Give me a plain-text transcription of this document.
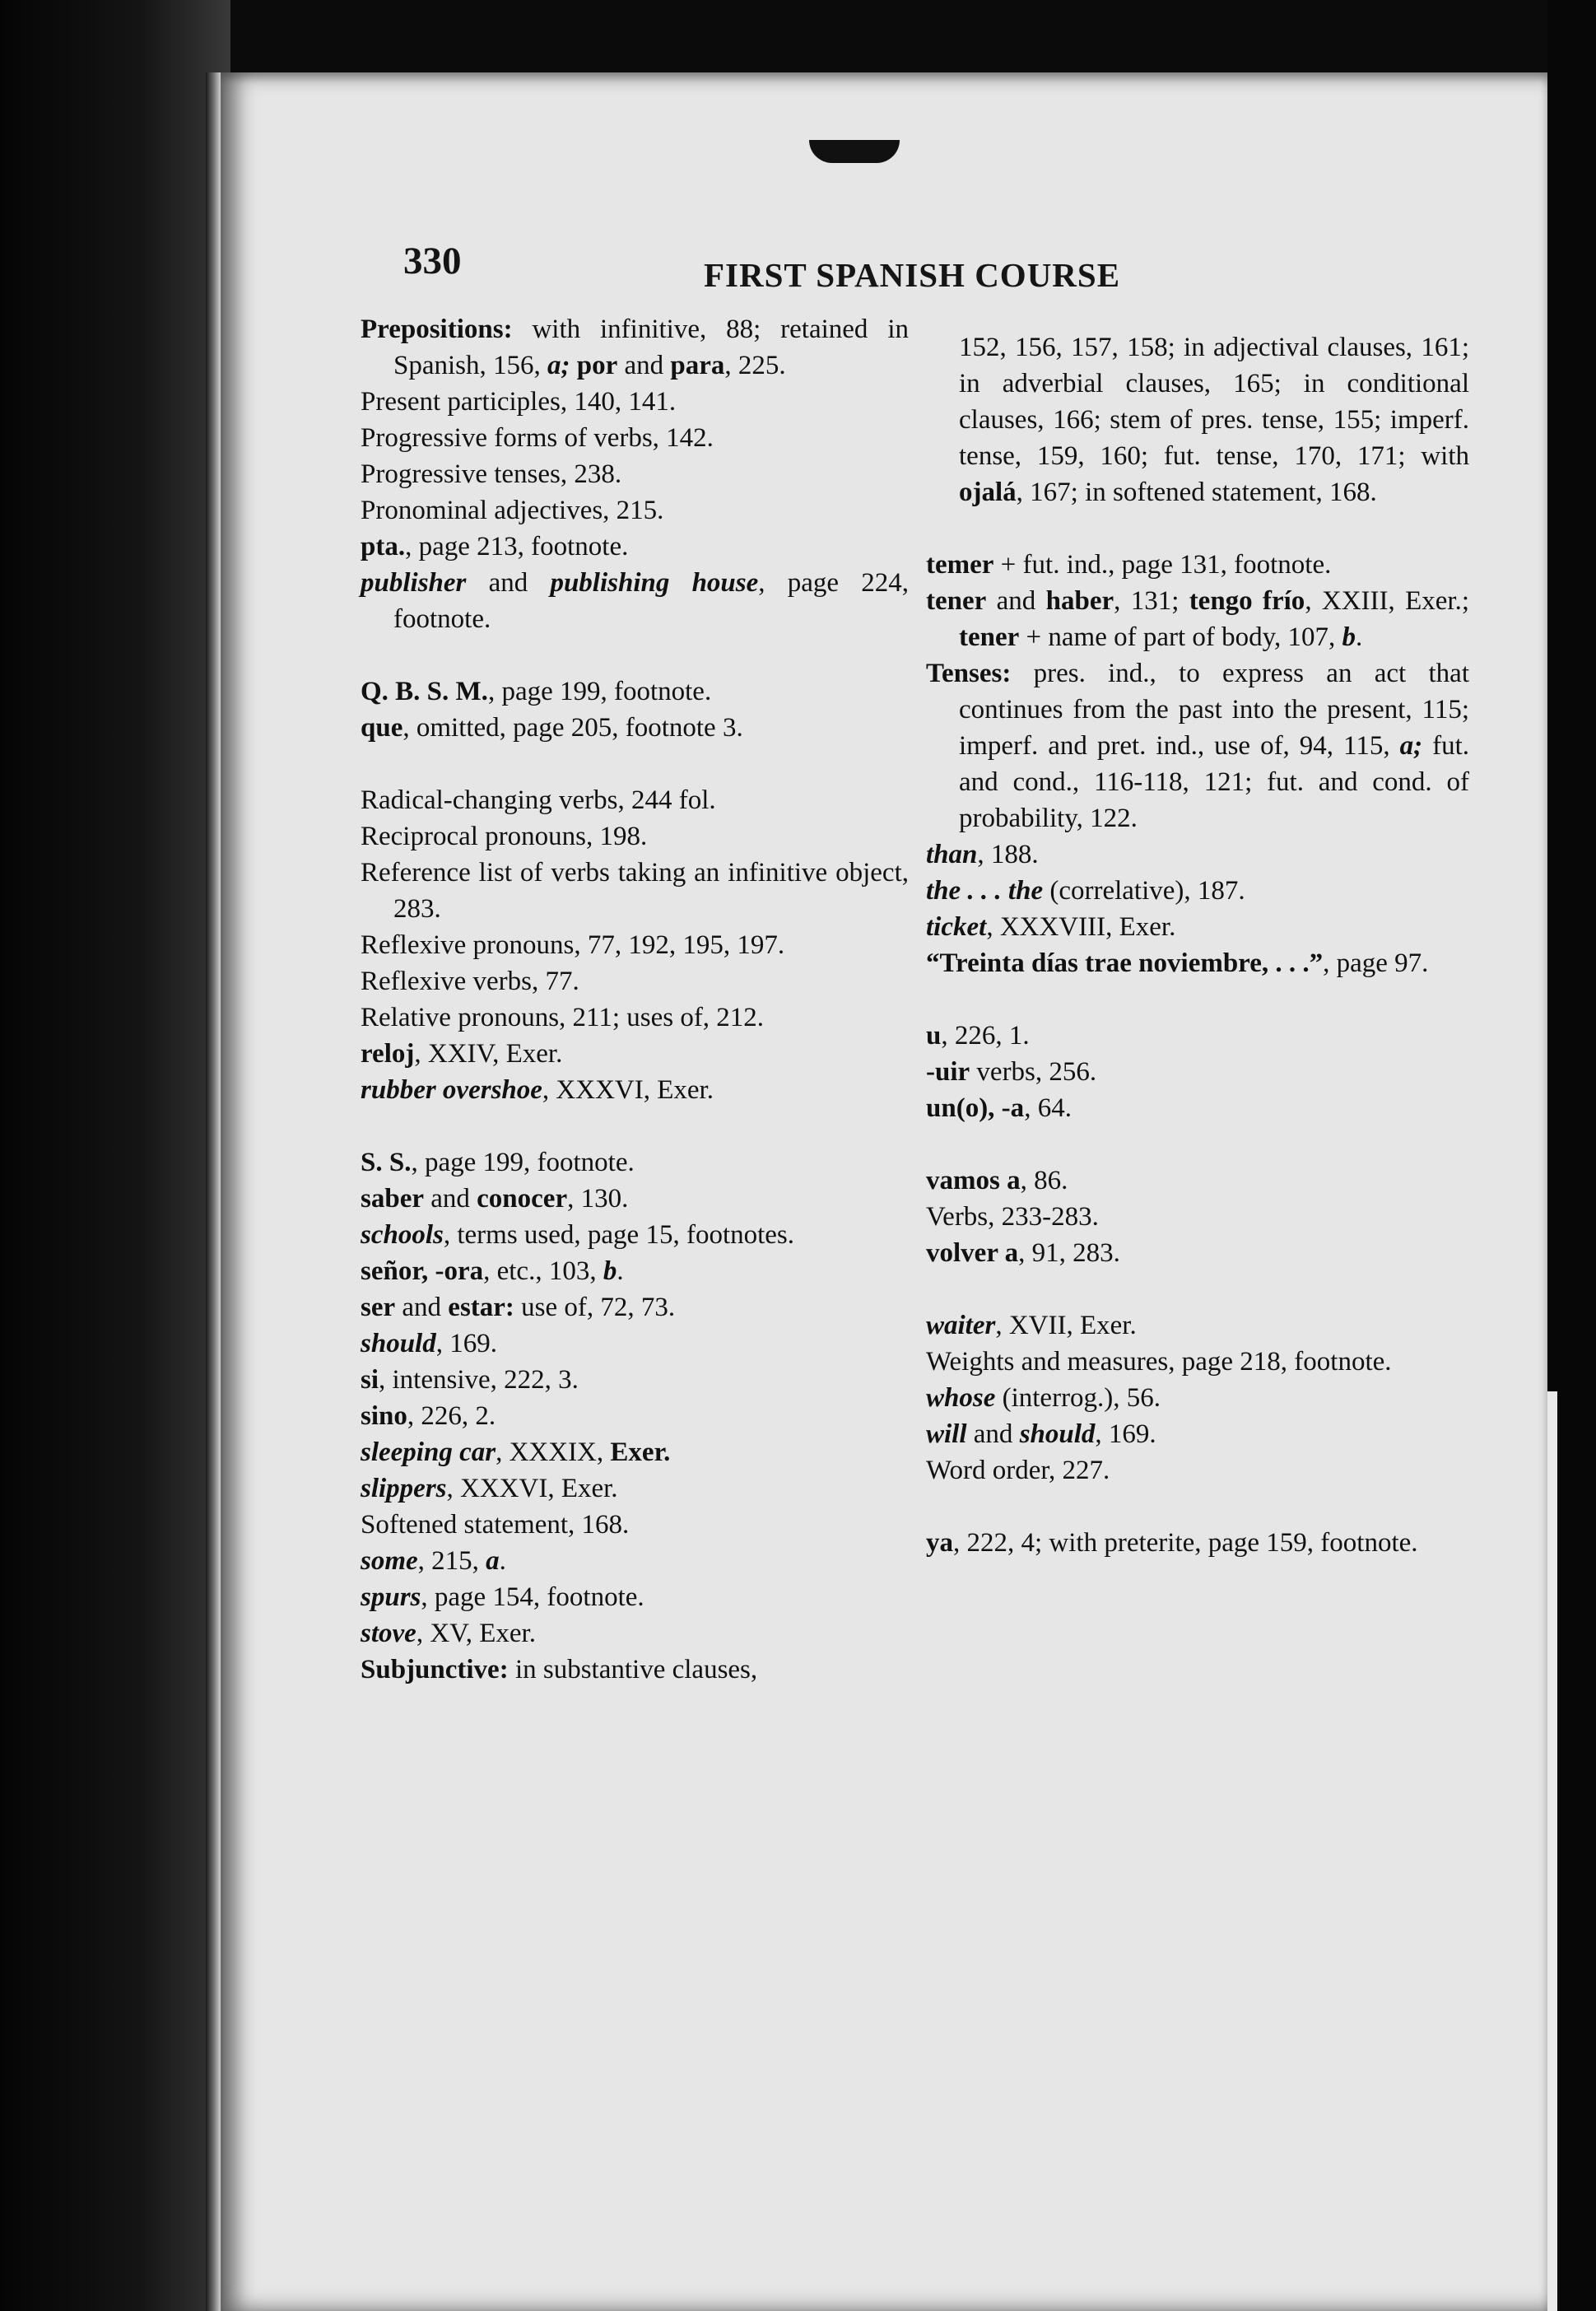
330	FIRST SPANISH COURSE
Prepositions: with infinitive, 88; retained in Spanish, 156, a; por and para, 225.
Present participles, 140, 141.
Progressive forms of verbs, 142.
Progressive tenses, 238.
Pronominal adjectives, 215.
pta., page 213, footnote.
publisher and publishing house, page 224, footnote.
Q. B. S. M., page 199, footnote.
que, omitted, page 205, footnote 3.
Radical-changing verbs, 244 fol.
Reciprocal pronouns, 198.
Reference list of verbs taking an infinitive object, 283.
Reflexive pronouns, 77, 192, 195, 197.
Reflexive verbs, 77.
Relative pronouns, 211; uses of, 212.
reloj, XXIV, Exer.
rubber overshoe, XXXVI, Exer.
S. S., page 199, footnote.
saber and conocer, 130.
schools, terms used, page 15, footnotes.
señor, -ora, etc., 103, b.
ser and estar: use of, 72, 73.
should, 169.
si, intensive, 222, 3.
sino, 226, 2.
sleeping car, XXXIX, Exer.
slippers, XXXVI, Exer.
Softened statement, 168.
some, 215, a.
spurs, page 154, footnote.
stove, XV, Exer.
Subjunctive: in substantive clauses,
152, 156, 157, 158; in adjectival clauses, 161; in adverbial clauses, 165; in conditional clauses, 166; stem of pres. tense, 155; imperf. tense, 159, 160; fut. tense, 170, 171; with ojalá, 167; in softened statement, 168.
temer + fut. ind., page 131, footnote.
tener and haber, 131; tengo frío, XXIII, Exer.; tener + name of part of body, 107, b.
Tenses: pres. ind., to express an act that continues from the past into the present, 115; imperf. and pret. ind., use of, 94, 115, a; fut. and cond., 116-118, 121; fut. and cond. of probability, 122.
than, 188.
the . . . the (correlative), 187.
ticket, XXXVIII, Exer.
“Treinta días trae noviembre, . . .”, page 97.
u, 226, 1.
-uir verbs, 256.
un(o), -a, 64.
vamos a, 86.
Verbs, 233-283.
volver a, 91, 283.
waiter, XVII, Exer.
Weights and measures, page 218, footnote.
whose (interrog.), 56.
will and should, 169.
Word order, 227.
ya, 222, 4; with preterite, page 159, footnote.
